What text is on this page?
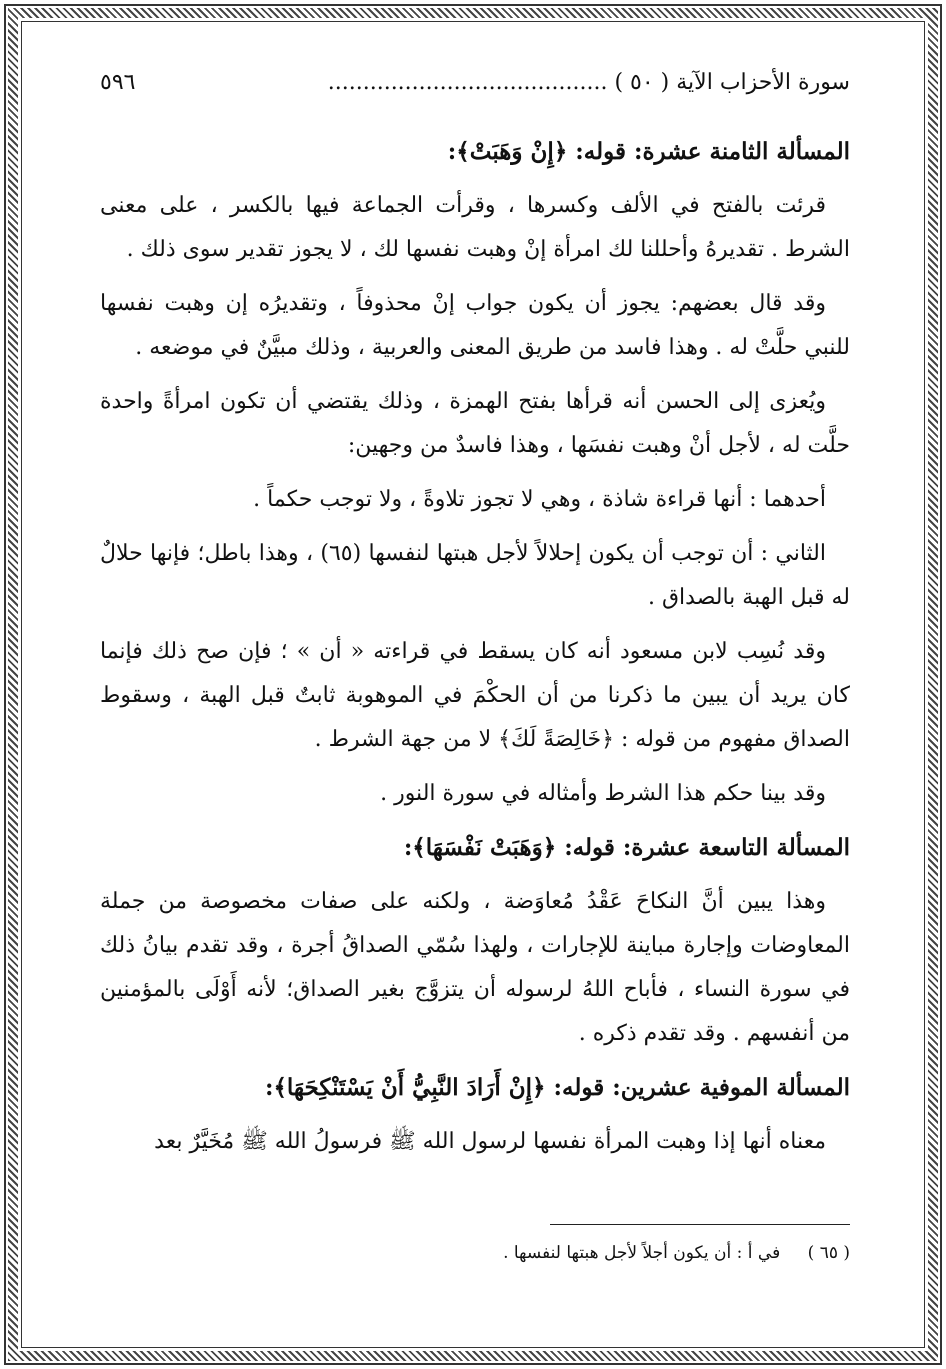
٥٩٦	سورة الأحزاب الآية ( ٥٠ ) ........................................
المسألة الثامنة عشرة: قوله: ﴿إِنْ وَهَبَتْ﴾:

قرئت بالفتح في الألف وكسرها ، وقرأت الجماعة فيها بالكسر ، على معنى الشرط . تقديرهُ وأحللنا لك امرأة إنْ وهبت نفسها لك ، لا يجوز تقدير سوى ذلك .

وقد قال بعضهم: يجوز أن يكون جواب إنْ محذوفاً ، وتقديرُه إن وهبت نفسها للنبي حلَّتْ له . وهذا فاسد من طريق المعنى والعربية ، وذلك مبيَّنٌ في موضعه .

ويُعزى إلى الحسن أنه قرأها بفتح الهمزة ، وذلك يقتضي أن تكون امرأةً واحدة حلَّت له ، لأجل أنْ وهبت نفسَها ، وهذا فاسدٌ من وجهين:

أحدهما : أنها قراءة شاذة ، وهي لا تجوز تلاوةً ، ولا توجب حكماً .

الثاني : أن توجب أن يكون إحلالاً لأجل هبتها لنفسها (٦٥) ، وهذا باطل؛ فإنها حلالٌ له قبل الهبة بالصداق .

وقد نُسِب لابن مسعود أنه كان يسقط في قراءته « أن » ؛ فإن صح ذلك فإنما كان يريد أن يبين ما ذكرنا من أن الحكْمَ في الموهوبة ثابتٌ قبل الهبة ، وسقوط الصداق مفهوم من قوله : ﴿خَالِصَةً لَكَ﴾ لا من جهة الشرط .

وقد بينا حكم هذا الشرط وأمثاله في سورة النور .

المسألة التاسعة عشرة: قوله: ﴿وَهَبَتْ نَفْسَهَا﴾:

وهذا يبين أنَّ النكاحَ عَقْدُ مُعاوَضة ، ولكنه على صفات مخصوصة من جملة المعاوضات وإجارة مباينة للإجارات ، ولهذا سُمّي الصداقُ أجرة ، وقد تقدم بيانُ ذلك في سورة النساء ، فأباح اللهُ لرسوله أن يتزوَّج بغير الصداق؛ لأنه أَوْلَى بالمؤمنين من أنفسهم . وقد تقدم ذكره .

المسألة الموفية عشرين: قوله: ﴿إِنْ أَرَادَ النَّبِيُّ أَنْ يَسْتَنْكِحَهَا﴾:

معناه أنها إذا وهبت المرأة نفسها لرسول الله ﷺ فرسولُ الله ﷺ مُخَيَّرٌ بعد

( ٦٥ ) في أ : أن يكون أجلاً لأجل هبتها لنفسها .
